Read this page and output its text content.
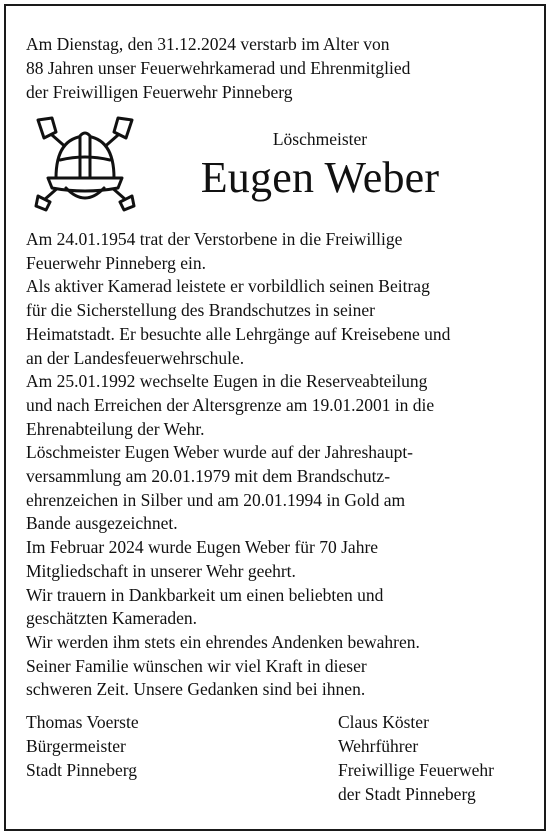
Am Dienstag, den 31.12.2024 verstarb im Alter von
88 Jahren unser Feuerwehrkamerad und Ehrenmitglied
der Freiwilligen Feuerwehr Pinneberg
Löschmeister
Eugen Weber
Am 24.01.1954 trat der Verstorbene in die Freiwillige
Feuerwehr Pinneberg ein.
Als aktiver Kamerad leistete er vorbildlich seinen Beitrag
für die Sicherstellung des Brandschutzes in seiner
Heimatstadt. Er besuchte alle Lehrgänge auf Kreisebene und
an der Landesfeuerwehrschule.
Am 25.01.1992 wechselte Eugen in die Reserveabteilung
und nach Erreichen der Altersgrenze am 19.01.2001 in die
Ehrenabteilung der Wehr.
Löschmeister Eugen Weber wurde auf der Jahreshaupt-
versammlung am 20.01.1979 mit dem Brandschutz-
ehrenzeichen in Silber und am 20.01.1994 in Gold am
Bande ausgezeichnet.
Im Februar 2024 wurde Eugen Weber für 70 Jahre
Mitgliedschaft in unserer Wehr geehrt.
Wir trauern in Dankbarkeit um einen beliebten und
geschätzten Kameraden.
Wir werden ihm stets ein ehrendes Andenken bewahren.
Seiner Familie wünschen wir viel Kraft in dieser
schweren Zeit. Unsere Gedanken sind bei ihnen.
Thomas Voerste
Bürgermeister
Stadt Pinneberg
Claus Köster
Wehrführer
Freiwillige Feuerwehr
der Stadt Pinneberg
